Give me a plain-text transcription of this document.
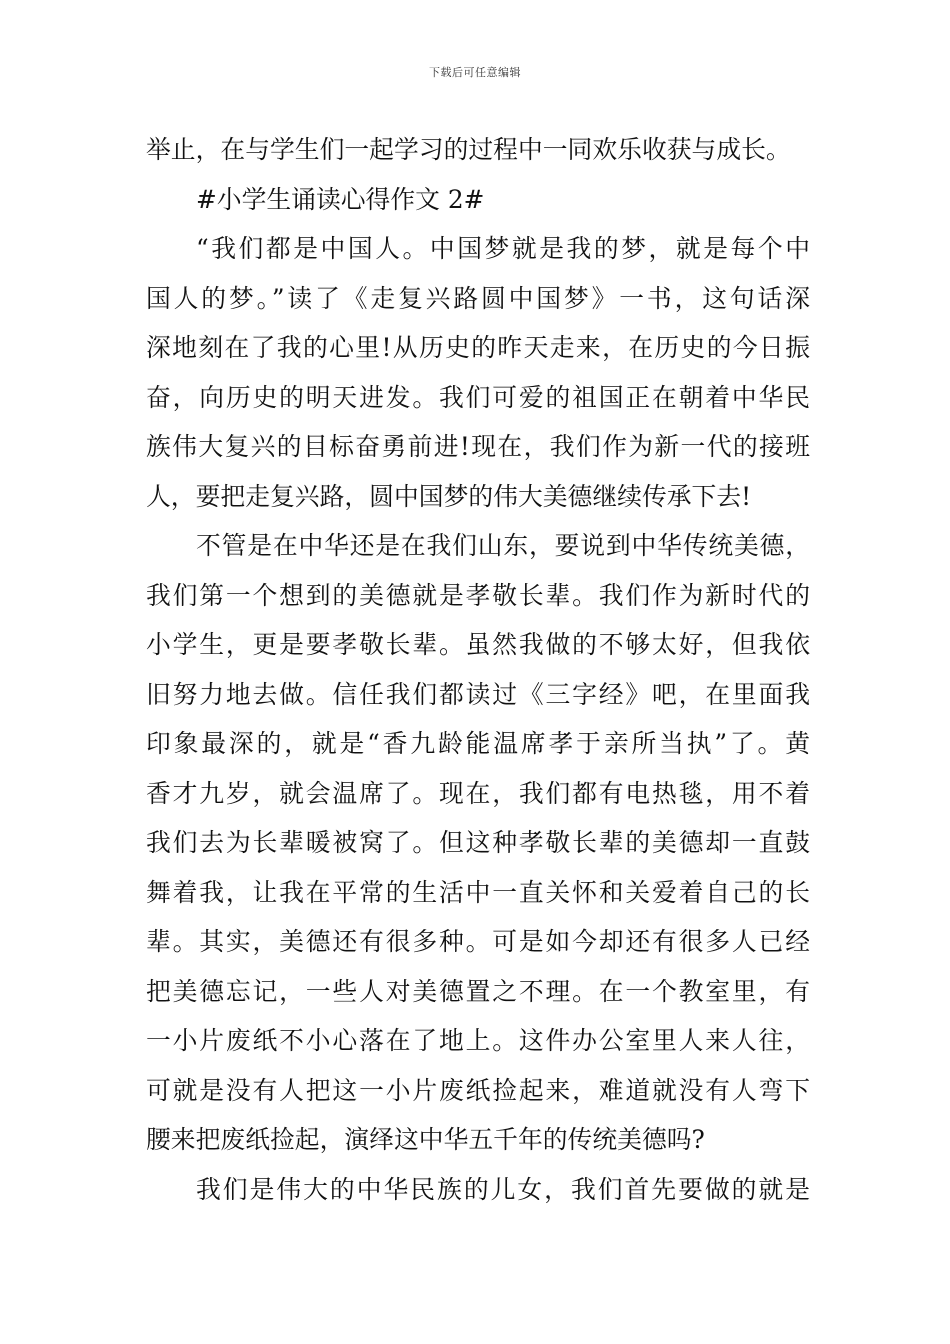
下载后可任意编辑
举止，在与学生们一起学习的过程中一同欢乐收获与成长。
#小学生诵读心得作文 2#
“我们都是中国人。中国梦就是我的梦，就是每个中
国人的梦。”读了《走复兴路圆中国梦》一书，这句话深
深地刻在了我的心里!从历史的昨天走来，在历史的今日振
奋，向历史的明天进发。我们可爱的祖国正在朝着中华民
族伟大复兴的目标奋勇前进!现在，我们作为新一代的接班
人，要把走复兴路，圆中国梦的伟大美德继续传承下去!
不管是在中华还是在我们山东，要说到中华传统美德，
我们第一个想到的美德就是孝敬长辈。我们作为新时代的
小学生，更是要孝敬长辈。虽然我做的不够太好，但我依
旧努力地去做。信任我们都读过《三字经》吧，在里面我
印象最深的，就是“香九龄能温席孝于亲所当执”了。黄
香才九岁，就会温席了。现在，我们都有电热毯，用不着
我们去为长辈暖被窝了。但这种孝敬长辈的美德却一直鼓
舞着我，让我在平常的生活中一直关怀和关爱着自己的长
辈。其实，美德还有很多种。可是如今却还有很多人已经
把美德忘记，一些人对美德置之不理。在一个教室里，有
一小片废纸不小心落在了地上。这件办公室里人来人往，
可就是没有人把这一小片废纸捡起来，难道就没有人弯下
腰来把废纸捡起，演绎这中华五千年的传统美德吗?
我们是伟大的中华民族的儿女，我们首先要做的就是
